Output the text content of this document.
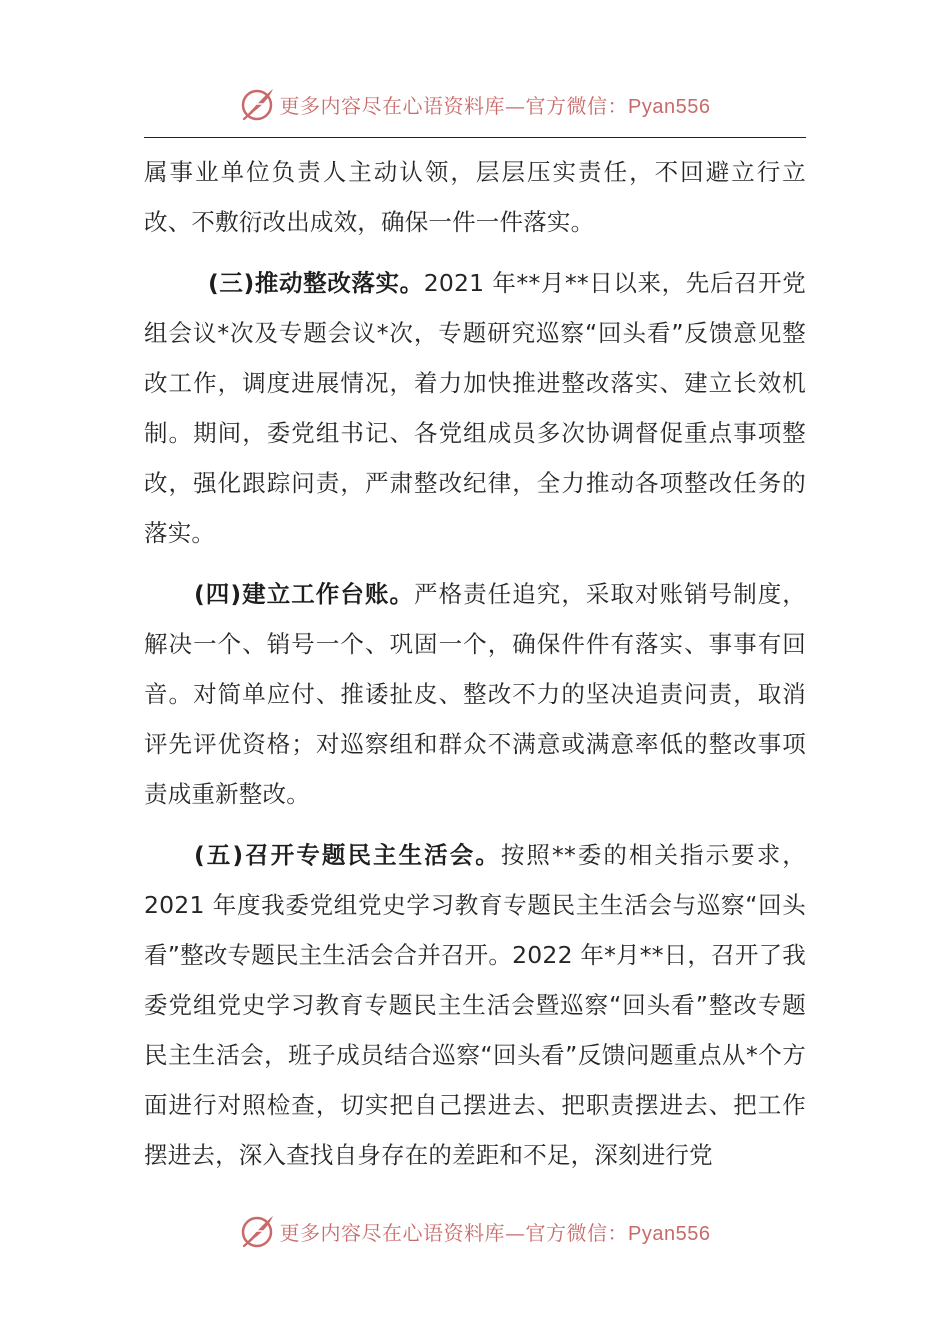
更多内容尽在心语资料库—官方微信：Pyan556

属事业单位负责人主动认领，层层压实责任，不回避立行立改、不敷衍改出成效，确保一件一件落实。

(三)推动整改落实。2021 年**月**日以来，先后召开党组会议*次及专题会议*次，专题研究巡察“回头看”反馈意见整改工作，调度进展情况，着力加快推进整改落实、建立长效机制。期间，委党组书记、各党组成员多次协调督促重点事项整改，强化跟踪问责，严肃整改纪律，全力推动各项整改任务的落实。

(四)建立工作台账。严格责任追究，采取对账销号制度，解决一个、销号一个、巩固一个，确保件件有落实、事事有回音。对简单应付、推诿扯皮、整改不力的坚决追责问责，取消评先评优资格；对巡察组和群众不满意或满意率低的整改事项责成重新整改。

(五)召开专题民主生活会。按照**委的相关指示要求，2021 年度我委党组党史学习教育专题民主生活会与巡察“回头看”整改专题民主生活会合并召开。2022 年*月**日，召开了我委党组党史学习教育专题民主生活会暨巡察“回头看”整改专题民主生活会，班子成员结合巡察“回头看”反馈问题重点从*个方面进行对照检查，切实把自己摆进去、把职责摆进去、把工作摆进去，深入查找自身存在的差距和不足，深刻进行党

更多内容尽在心语资料库—官方微信：Pyan556
